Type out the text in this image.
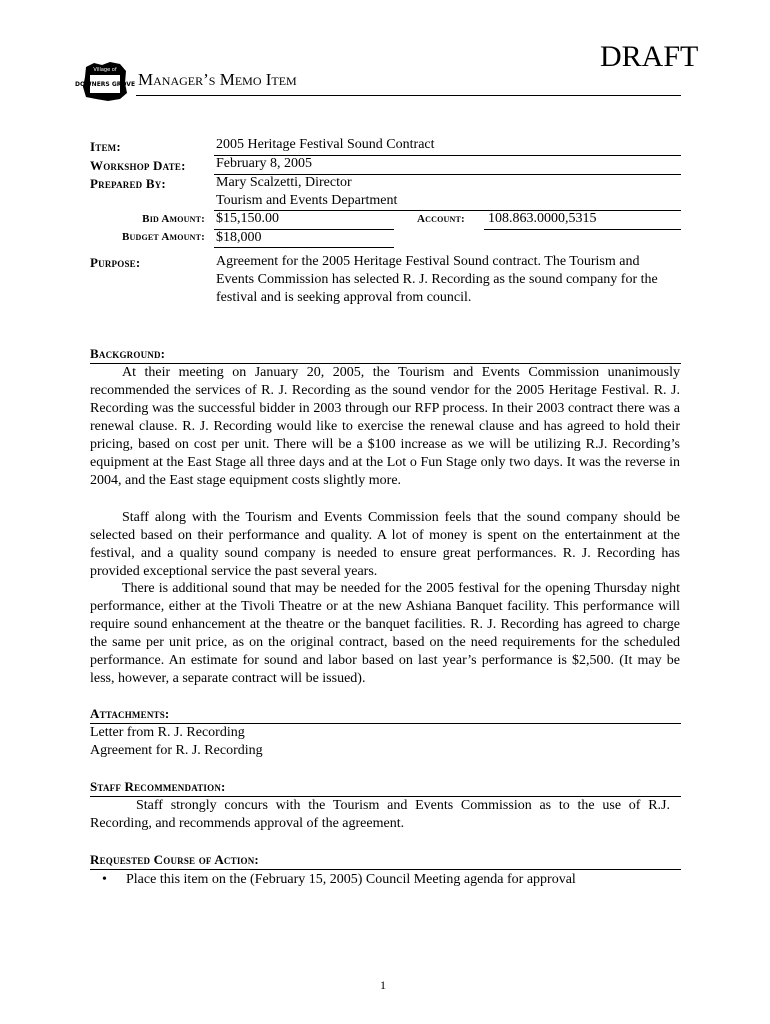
DRAFT
Village of
DOWNERS GROVE Manager’s Memo Item
Item:	2005 Heritage Festival Sound Contract
Workshop Date: February 8, 2005
Prepared By:	Mary Scalzetti, Director
Tourism and Events Department
Bid Amount: $15,150.00	Account: 108.863.0000,5315
Budget Amount: $18,000
Purpose:	Agreement for the 2005 Heritage Festival Sound contract. The Tourism and Events Commission has selected R. J. Recording as the sound company for the festival and is seeking approval from council.
Background:
At their meeting on January 20, 2005, the Tourism and Events Commission unanimously recommended the services of R. J. Recording as the sound vendor for the 2005 Heritage Festival. R. J. Recording was the successful bidder in 2003 through our RFP process. In their 2003 contract there was a renewal clause. R. J. Recording would like to exercise the renewal clause and has agreed to hold their pricing, based on cost per unit. There will be a $100 increase as we will be utilizing R.J. Recording’s equipment at the East Stage all three days and at the Lot o Fun Stage only two days. It was the reverse in 2004, and the East stage equipment costs slightly more.
Staff along with the Tourism and Events Commission feels that the sound company should be selected based on their performance and quality. A lot of money is spent on the entertainment at the festival, and a quality sound company is needed to ensure great performances. R. J. Recording has provided exceptional service the past several years.
There is additional sound that may be needed for the 2005 festival for the opening Thursday night performance, either at the Tivoli Theatre or at the new Ashiana Banquet facility. This performance will require sound enhancement at the theatre or the banquet facilities. R. J. Recording has agreed to charge the same per unit price, as on the original contract, based on the need requirements for the scheduled performance. An estimate for sound and labor based on last year’s performance is $2,500. (It may be less, however, a separate contract will be issued).
Attachments:
Letter from R. J. Recording
Agreement for R. J. Recording
Staff Recommendation:
Staff strongly concurs with the Tourism and Events Commission as to the use of R.J. Recording, and recommends approval of the agreement.
Requested Course of Action:
• Place this item on the (February 15, 2005) Council Meeting agenda for approval
1
